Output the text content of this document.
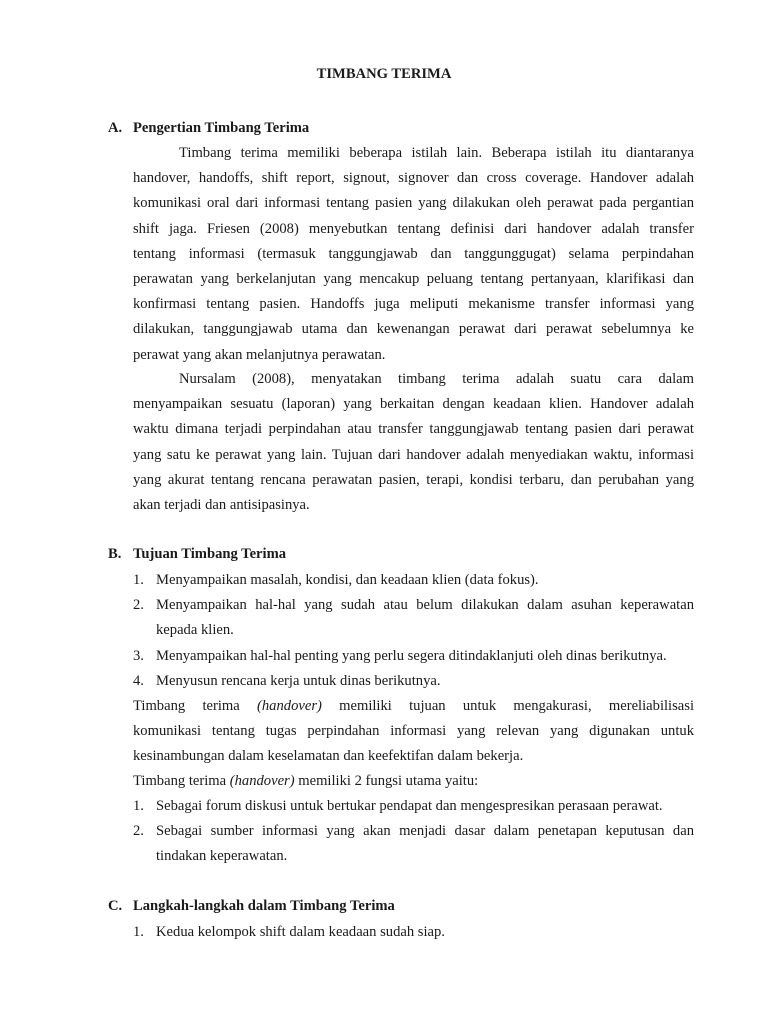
TIMBANG TERIMA
A. Pengertian Timbang Terima
Timbang terima memiliki beberapa istilah lain. Beberapa istilah itu diantaranya
handover, handoffs, shift report, signout, signover dan cross coverage. Handover adalah
komunikasi oral dari informasi tentang pasien yang dilakukan oleh perawat pada pergantian
shift jaga. Friesen (2008) menyebutkan tentang definisi dari handover adalah transfer
tentang informasi (termasuk tanggungjawab dan tanggunggugat) selama perpindahan
perawatan yang berkelanjutan yang mencakup peluang tentang pertanyaan, klarifikasi dan
konfirmasi tentang pasien. Handoffs juga meliputi mekanisme transfer informasi yang
dilakukan, tanggungjawab utama dan kewenangan perawat dari perawat sebelumnya ke
perawat yang akan melanjutnya perawatan.
Nursalam (2008), menyatakan timbang terima adalah suatu cara dalam
menyampaikan sesuatu (laporan) yang berkaitan dengan keadaan klien. Handover adalah
waktu dimana terjadi perpindahan atau transfer tanggungjawab tentang pasien dari perawat
yang satu ke perawat yang lain. Tujuan dari handover adalah menyediakan waktu, informasi
yang akurat tentang rencana perawatan pasien, terapi, kondisi terbaru, dan perubahan yang
akan terjadi dan antisipasinya.
B. Tujuan Timbang Terima
1. Menyampaikan masalah, kondisi, dan keadaan klien (data fokus).
2. Menyampaikan hal-hal yang sudah atau belum dilakukan dalam asuhan keperawatan
kepada klien.
3. Menyampaikan hal-hal penting yang perlu segera ditindaklanjuti oleh dinas berikutnya.
4. Menyusun rencana kerja untuk dinas berikutnya.
Timbang terima (handover) memiliki tujuan untuk mengakurasi, mereliabilisasi
komunikasi tentang tugas perpindahan informasi yang relevan yang digunakan untuk
kesinambungan dalam keselamatan dan keefektifan dalam bekerja.
Timbang terima (handover) memiliki 2 fungsi utama yaitu:
1. Sebagai forum diskusi untuk bertukar pendapat dan mengespresikan perasaan perawat.
2. Sebagai sumber informasi yang akan menjadi dasar dalam penetapan keputusan dan
tindakan keperawatan.
C. Langkah-langkah dalam Timbang Terima
1. Kedua kelompok shift dalam keadaan sudah siap.
